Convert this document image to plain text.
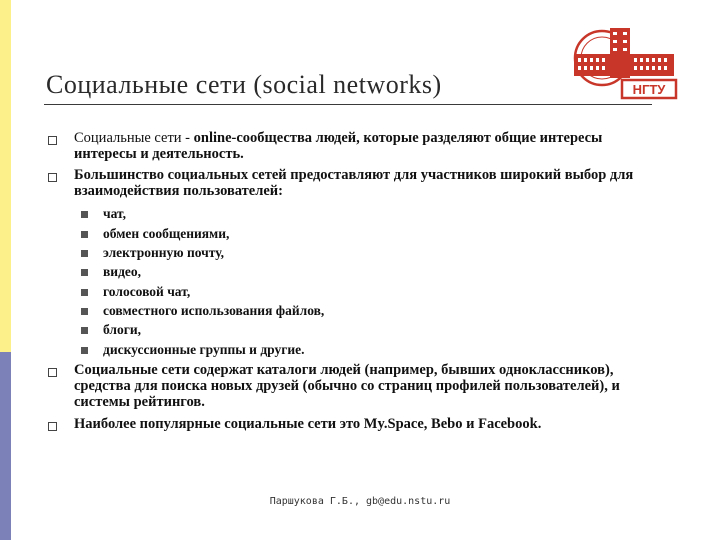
Социальные сети (social networks)	НГТУ
Социальные сети - online-сообщества людей, которые разделяют общие интересы интересы и деятельность.
Большинство социальных сетей предоставляют для участников широкий выбор для взаимодействия пользователей:
чат,
обмен сообщениями,
электронную почту,
видео,
голосовой чат,
совместного использования файлов,
блоги,
дискуссионные группы и другие.
Социальные сети содержат каталоги людей (например, бывших одноклассников), средства для поиска новых друзей (обычно со страниц профилей пользователей), и системы рейтингов.
Наиболее популярные социальные сети это My.Space, Bebo и Facebook.
Паршукова Г.Б., gb@edu.nstu.ru
